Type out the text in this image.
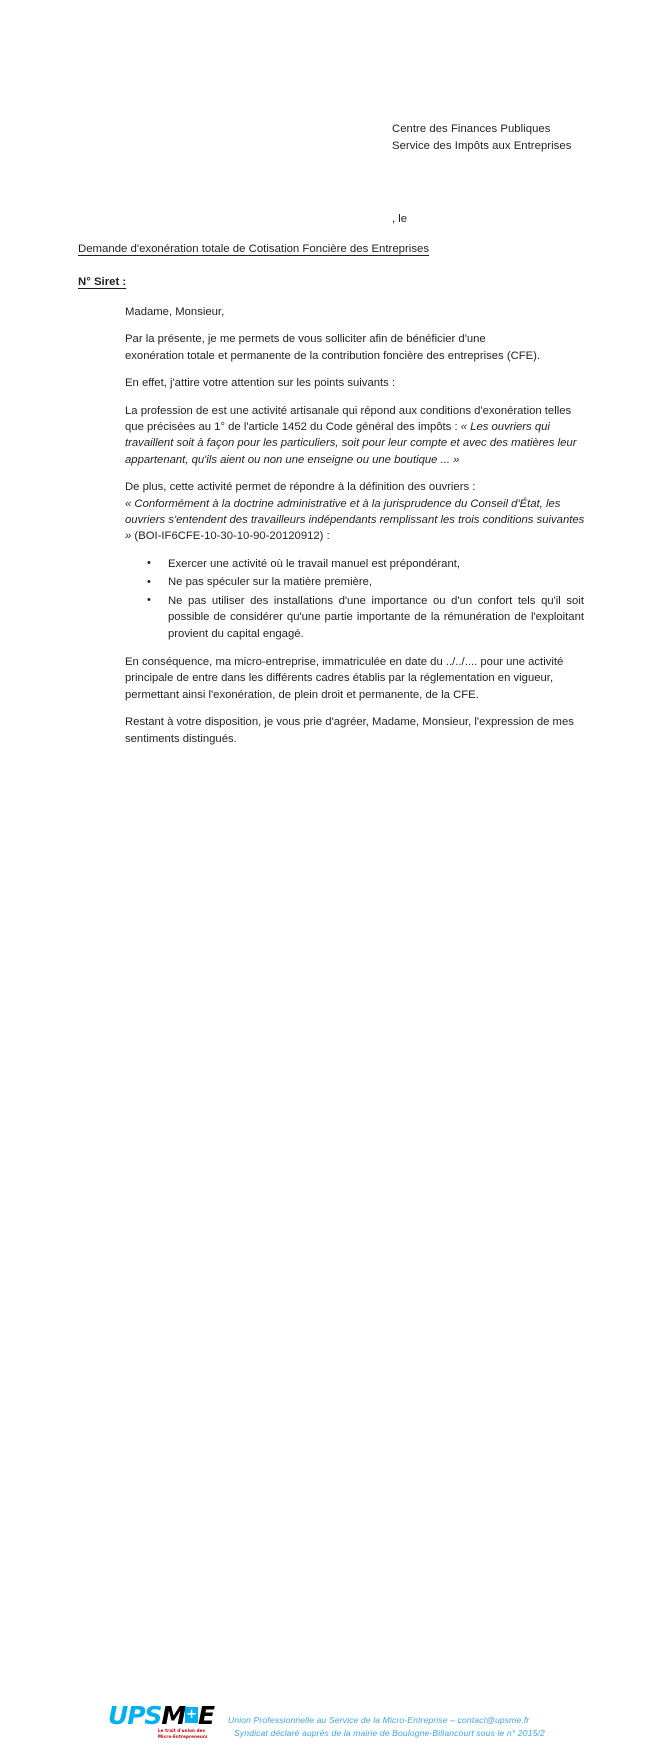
Centre des Finances Publiques
Service des Impôts aux Entreprises
, le
Demande d'exonération totale de Cotisation Foncière des Entreprises
N° Siret :

Madame, Monsieur,

Par la présente, je me permets de vous solliciter afin de bénéficier d'une
exonération totale et permanente de la contribution foncière des entreprises (CFE).

En effet, j'attire votre attention sur les points suivants :

La profession de est une activité artisanale qui répond aux conditions d'exonération telles que précisées au 1° de l'article 1452 du Code général des impôts : « Les ouvriers qui travaillent soit à façon pour les particuliers, soit pour leur compte et avec des matières leur appartenant, qu'ils aient ou non une enseigne ou une boutique ... »

De plus, cette activité permet de répondre à la définition des ouvriers :
« Conformément à la doctrine administrative et à la jurisprudence du Conseil d'État, les ouvriers s'entendent des travailleurs indépendants remplissant les trois conditions suivantes » (BOI-IF6CFE-10-30-10-90-20120912) :

• Exercer une activité où le travail manuel est prépondérant,
• Ne pas spéculer sur la matière première,
• Ne pas utiliser des installations d'une importance ou d'un confort tels qu'il soit possible de considérer qu'une partie importante de la rémunération de l'exploitant provient du capital engagé.

En conséquence, ma micro-entreprise, immatriculée en date du ../../.... pour une activité principale de entre dans les différents cadres établis par la réglementation en vigueur, permettant ainsi l'exonération, de plein droit et permanente, de la CFE.

Restant à votre disposition, je vous prie d'agréer, Madame, Monsieur, l'expression de mes sentiments distingués.

UPSM+E
Le trait d'union des
Micro-Entrepreneurs
Union Professionnelle au Service de la Micro-Entreprise – contact@upsme.fr
Syndicat déclaré auprès de la mairie de Boulogne-Billancourt sous le n° 2015/2
